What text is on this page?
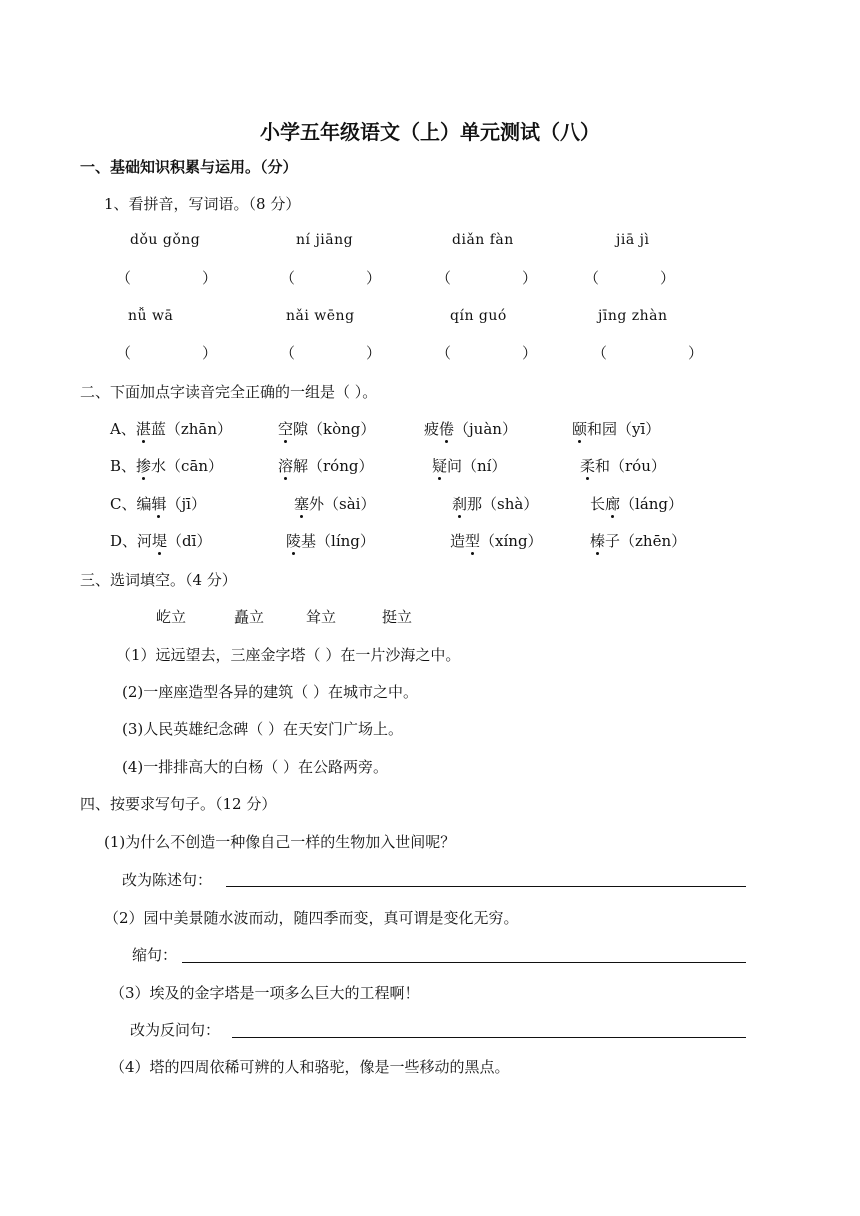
小学五年级语文（上）单元测试（八）
一、基础知识积累与运用。（分）
1、看拼音，写词语。（8 分）
dǒu gǒng	ní jiāng	diǎn fàn	jiā jì
（	）	（	）	（	）	（	）
nǚ wā	nǎi wēng	qín guó	jīng zhàn
（	）	（	）	（	）	（	）
二、下面加点字读音完全正确的一组是（ ）。
A、湛蓝（zhān）	空隙（kòng）	疲倦（juàn）	颐和园（yī）
B、掺水（cān）	溶解（róng）	疑问（ní）	柔和（róu）
C、编辑（jī）	塞外（sài）	刹那（shà）	长廊（láng）
D、河堤（dī）	陵基（líng）	造型（xíng）	榛子（zhēn）
三、选词填空。（4 分）
屹立	矗立	耸立	挺立
（1）远远望去，三座金字塔（ ）在一片沙海之中。
(2)一座座造型各异的建筑（ ）在城市之中。
(3)人民英雄纪念碑（ ）在天安门广场上。
(4)一排排高大的白杨（ ）在公路两旁。
四、按要求写句子。（12 分）
(1)为什么不创造一种像自己一样的生物加入世间呢？
改为陈述句：
（2）园中美景随水波而动，随四季而变，真可谓是变化无穷。
缩句：
（3）埃及的金字塔是一项多么巨大的工程啊！
改为反问句：
（4）塔的四周依稀可辨的人和骆驼，像是一些移动的黑点。
